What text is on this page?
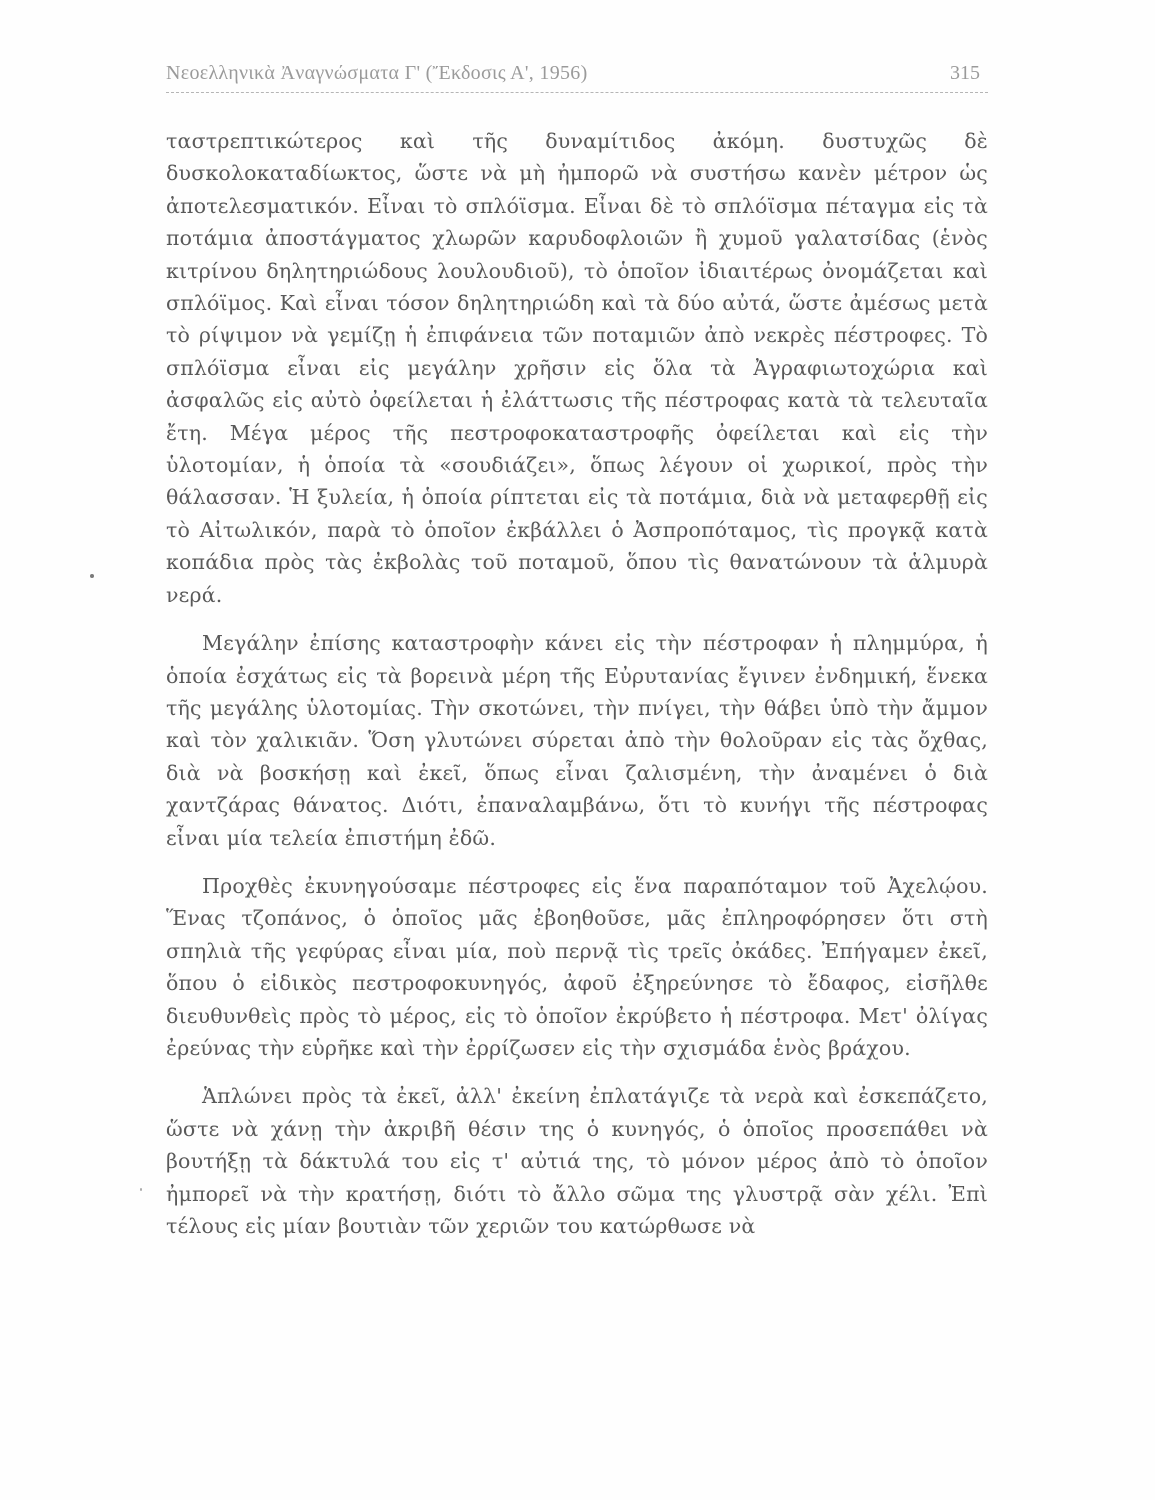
Νεοελληνικὰ Ἀναγνώσματα Γ' (Ἔκδοσις Α', 1956)	315

ταστρεπτικώτερος καὶ τῆς δυναμίτιδος ἀκόμη. δυστυχῶς δὲ δυσκολοκαταδίωκτος, ὥστε νὰ μὴ ἠμπορῶ νὰ συστήσω κανὲν μέτρον ὡς ἀποτελεσματικόν. Εἶναι τὸ σπλόϊσμα. Εἶναι δὲ τὸ σπλόϊσμα πέταγμα εἰς τὰ ποτάμια ἀποστάγματος χλωρῶν καρυδοφλοιῶν ἢ χυμοῦ γαλατσίδας (ἑνὸς κιτρίνου δηλητηριώδους λουλουδιοῦ), τὸ ὁποῖον ἰδιαιτέρως ὀνομάζεται καὶ σπλόϊμος. Καὶ εἶναι τόσον δηλητηριώδη καὶ τὰ δύο αὐτά, ὥστε ἀμέσως μετὰ τὸ ρίψιμον νὰ γεμίζῃ ἡ ἐπιφάνεια τῶν ποταμιῶν ἀπὸ νεκρὲς πέστροφες. Τὸ σπλόϊσμα εἶναι εἰς μεγάλην χρῆσιν εἰς ὅλα τὰ Ἀγραφιωτοχώρια καὶ ἀσφαλῶς εἰς αὐτὸ ὀφείλεται ἡ ἐλάττωσις τῆς πέστροφας κατὰ τὰ τελευταῖα ἔτη. Μέγα μέρος τῆς πεστροφοκαταστροφῆς ὀφείλεται καὶ εἰς τὴν ὑλοτομίαν, ἡ ὁποία τὰ «σουδιάζει», ὅπως λέγουν οἱ χωρικοί, πρὸς τὴν θάλασσαν. Ἡ ξυλεία, ἡ ὁποία ρίπτεται εἰς τὰ ποτάμια, διὰ νὰ μεταφερθῇ εἰς τὸ Αἰτωλικόν, παρὰ τὸ ὁποῖον ἐκβάλλει ὁ Ἀσπροπόταμος, τὶς προγκᾷ κατὰ κοπάδια πρὸς τὰς ἐκβολὰς τοῦ ποταμοῦ, ὅπου τὶς θανατώνουν τὰ ἁλμυρὰ νερά.

Μεγάλην ἐπίσης καταστροφὴν κάνει εἰς τὴν πέστροφαν ἡ πλημμύρα, ἡ ὁποία ἐσχάτως εἰς τὰ βορεινὰ μέρη τῆς Εὐρυτανίας ἔγινεν ἐνδημική, ἕνεκα τῆς μεγάλης ὑλοτομίας. Τὴν σκοτώνει, τὴν πνίγει, τὴν θάβει ὑπὸ τὴν ἄμμον καὶ τὸν χαλικιᾶν. Ὅση γλυτώνει σύρεται ἀπὸ τὴν θολοῦραν εἰς τὰς ὄχθας, διὰ νὰ βοσκήσῃ καὶ ἐκεῖ, ὅπως εἶναι ζαλισμένη, τὴν ἀναμένει ὁ διὰ χαντζάρας θάνατος. Διότι, ἐπαναλαμβάνω, ὅτι τὸ κυνήγι τῆς πέστροφας εἶναι μία τελεία ἐπιστήμη ἐδῶ.

Προχθὲς ἐκυνηγούσαμε πέστροφες εἰς ἕνα παραπόταμον τοῦ Ἀχελῴου. Ἕνας τζοπάνος, ὁ ὁποῖος μᾶς ἐβοηθοῦσε, μᾶς ἐπληροφόρησεν ὅτι στὴ σπηλιὰ τῆς γεφύρας εἶναι μία, ποὺ περνᾷ τὶς τρεῖς ὀκάδες. Ἐπήγαμεν ἐκεῖ, ὅπου ὁ εἰδικὸς πεστροφοκυνηγός, ἀφοῦ ἐξηρεύνησε τὸ ἔδαφος, εἰσῆλθε διευθυνθεὶς πρὸς τὸ μέρος, εἰς τὸ ὁποῖον ἐκρύβετο ἡ πέστροφα. Μετ' ὀλίγας ἐρεύνας τὴν εὑρῆκε καὶ τὴν ἐρρίζωσεν εἰς τὴν σχισμάδα ἑνὸς βράχου.

Ἁπλώνει πρὸς τὰ ἐκεῖ, ἀλλ' ἐκείνη ἐπλατάγιζε τὰ νερὰ καὶ ἐσκεπάζετο, ὥστε νὰ χάνῃ τὴν ἀκριβῆ θέσιν της ὁ κυνηγός, ὁ ὁποῖος προσεπάθει νὰ βουτήξῃ τὰ δάκτυλά του εἰς τ' αὐτιά της, τὸ μόνον μέρος ἀπὸ τὸ ὁποῖον ἠμπορεῖ νὰ τὴν κρατήσῃ, διότι τὸ ἄλλο σῶμα της γλυστρᾷ σὰν χέλι. Ἐπὶ τέλους εἰς μίαν βουτιὰν τῶν χεριῶν του κατώρθωσε νὰ
